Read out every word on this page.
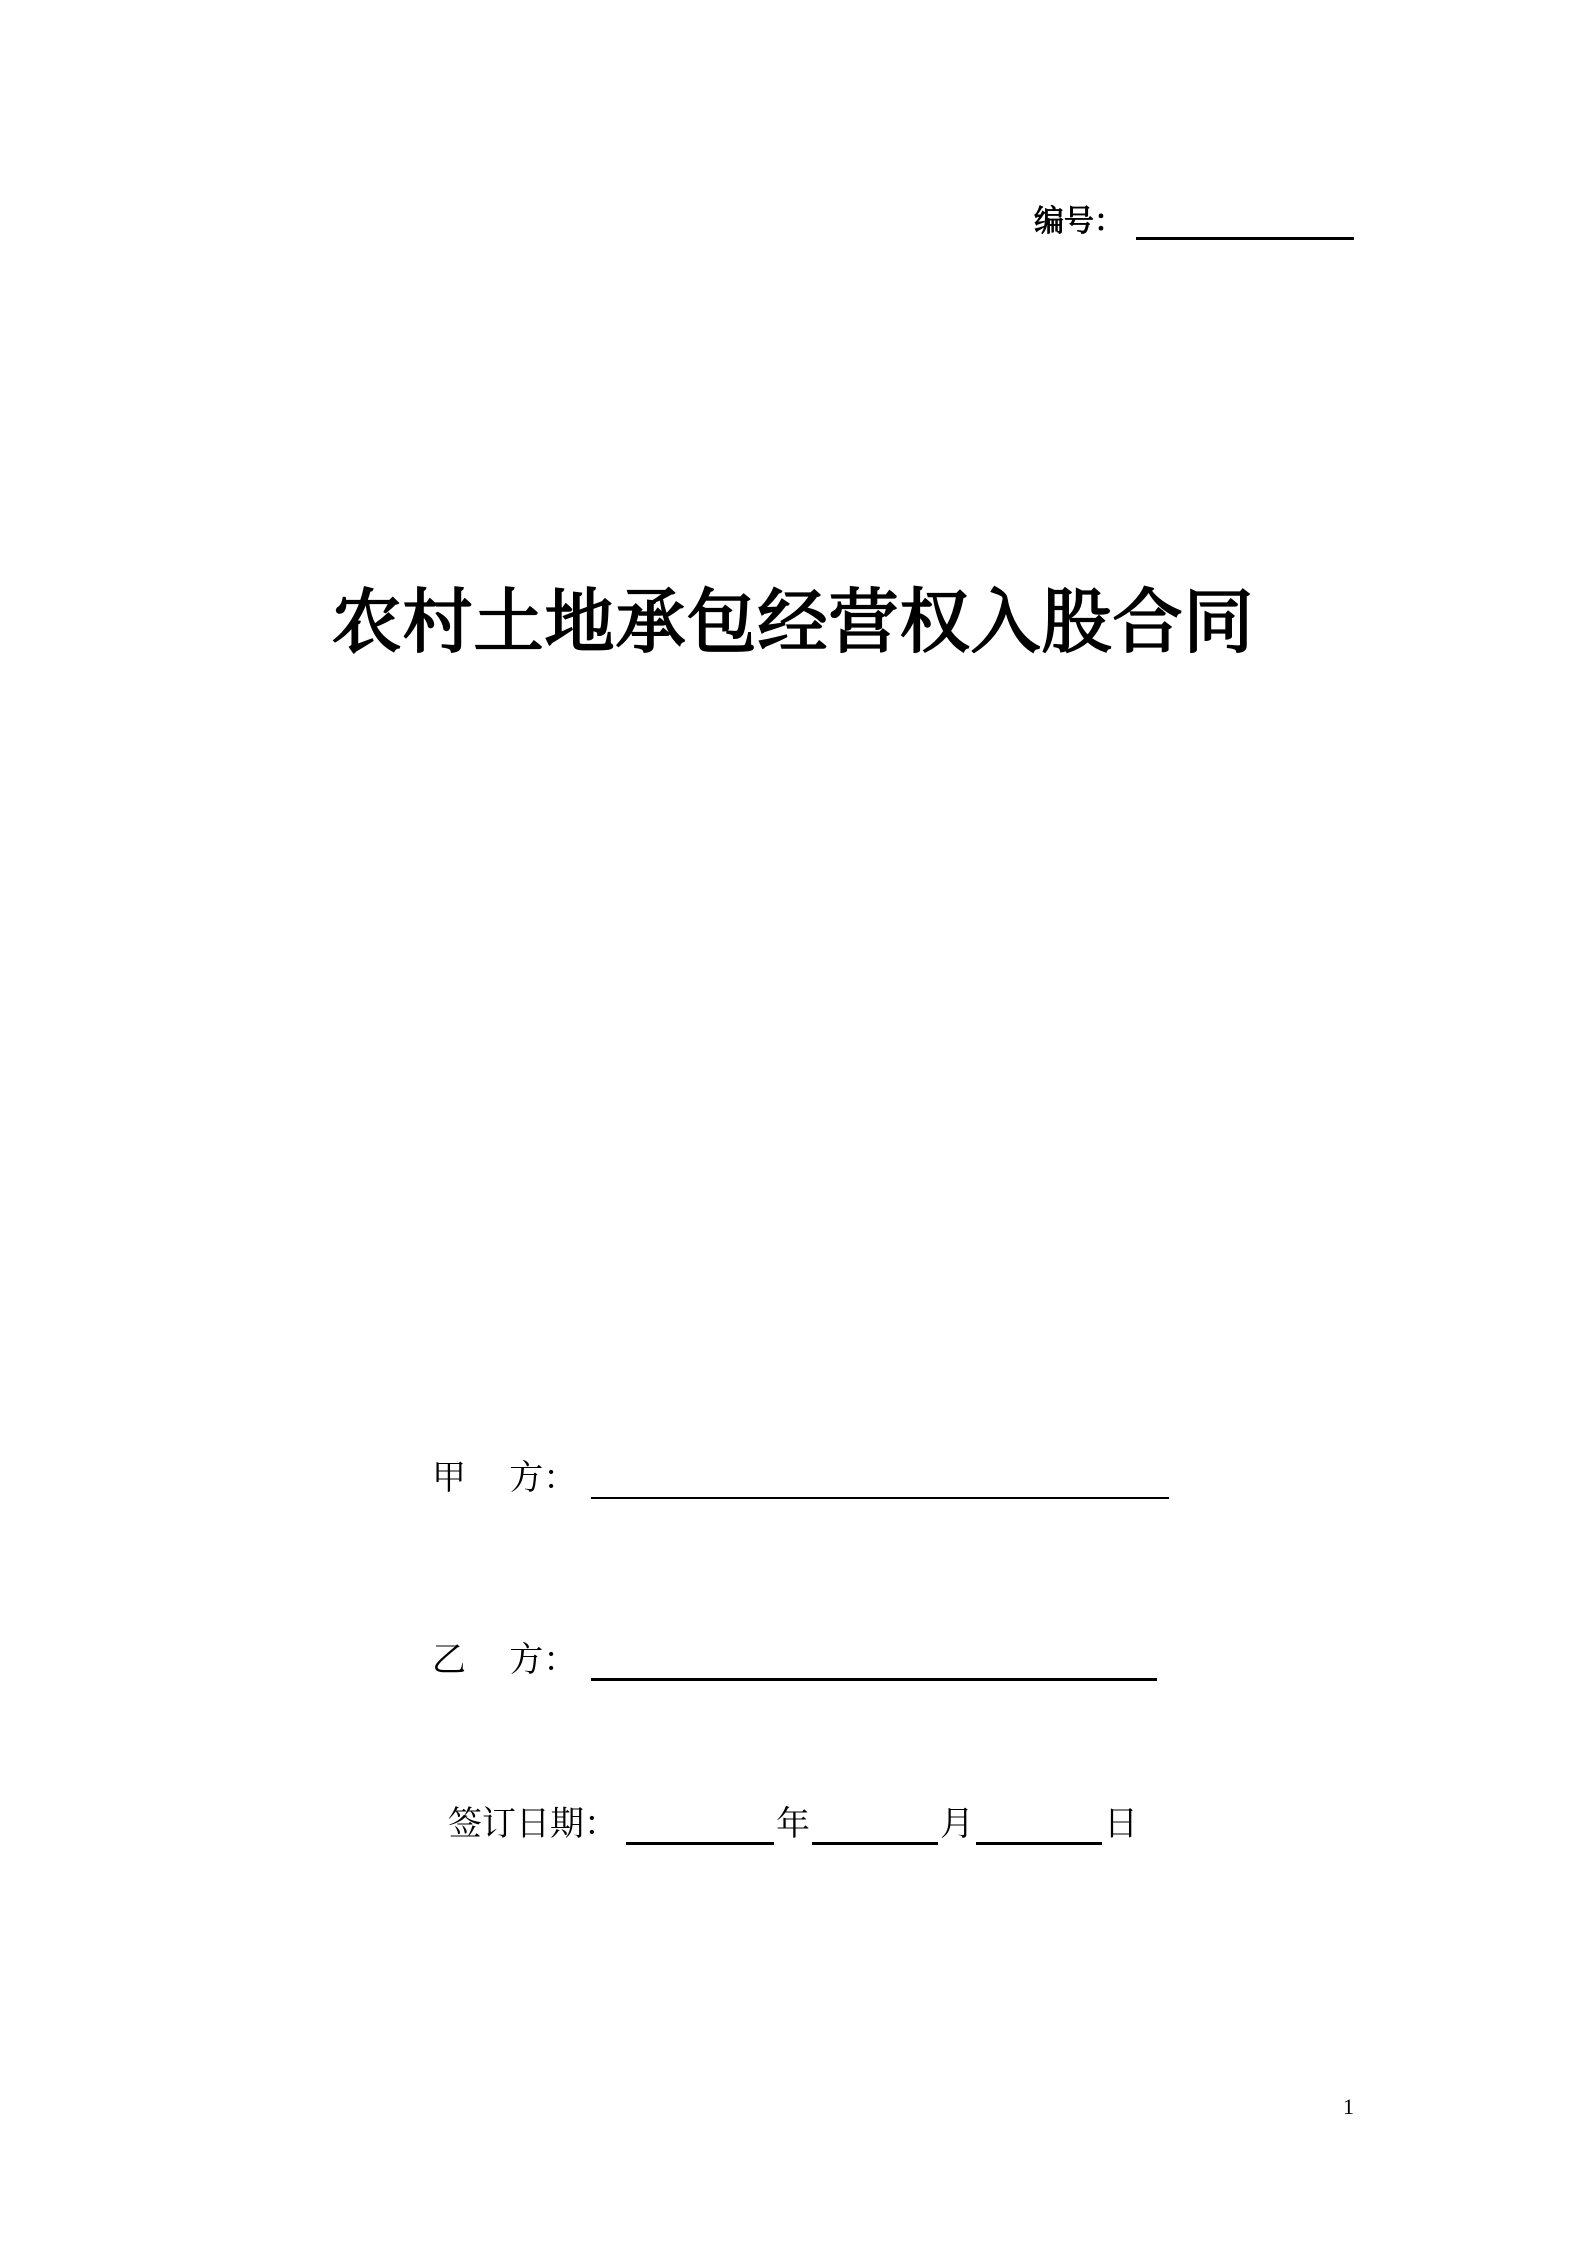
编号：
农村土地承包经营权入股合同
甲    方：
乙    方：
签订日期：	年	月	日
1
